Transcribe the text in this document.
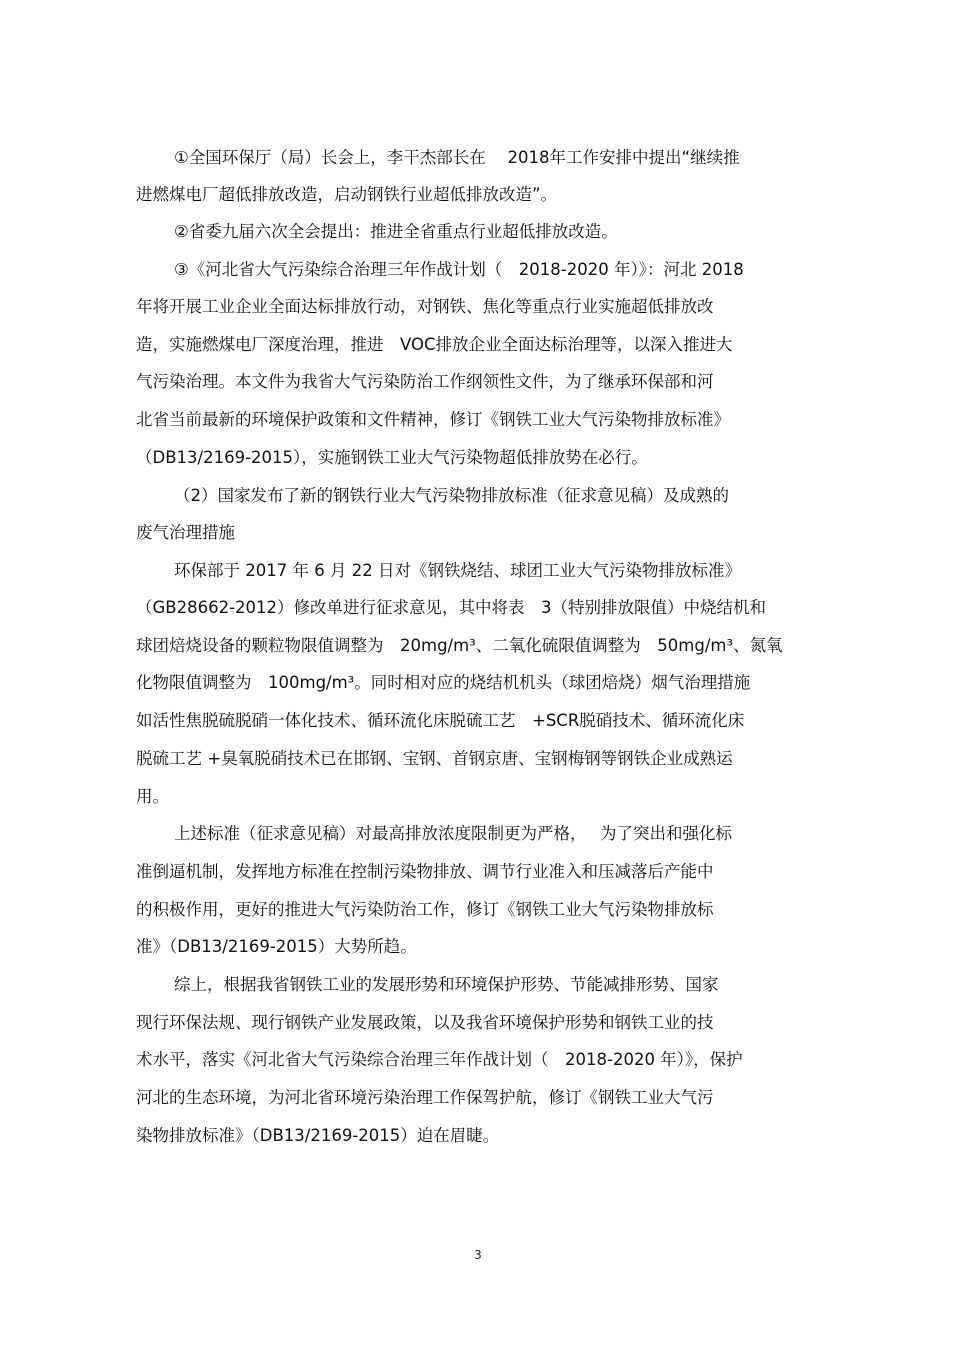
①全国环保厅（局）长会上，李干杰部长在　 2018年工作安排中提出“继续推
进燃煤电厂超低排放改造，启动钢铁行业超低排放改造”。
②省委九届六次全会提出：推进全省重点行业超低排放改造。
③《河北省大气污染综合治理三年作战计划（　2018-2020 年）》：河北 2018
年将开展工业企业全面达标排放行动，对钢铁、焦化等重点行业实施超低排放改
造，实施燃煤电厂深度治理，推进　VOC排放企业全面达标治理等，以深入推进大
气污染治理。本文件为我省大气污染防治工作纲领性文件，为了继承环保部和河
北省当前最新的环境保护政策和文件精神，修订《钢铁工业大气污染物排放标准》
（DB13/2169-2015），实施钢铁工业大气污染物超低排放势在必行。
（2）国家发布了新的钢铁行业大气污染物排放标准（征求意见稿）及成熟的
废气治理措施
环保部于 2017 年 6 月 22 日对《钢铁烧结、球团工业大气污染物排放标准》
（GB28662-2012）修改单进行征求意见，其中将表　3（特别排放限值）中烧结机和
球团焙烧设备的颗粒物限值调整为　20mg/m³、二氧化硫限值调整为　50mg/m³、氮氧
化物限值调整为　100mg/m³。同时相对应的烧结机机头（球团焙烧）烟气治理措施
如活性焦脱硫脱硝一体化技术、循环流化床脱硫工艺　+SCR脱硝技术、循环流化床
脱硫工艺 +臭氧脱硝技术已在邯钢、宝钢、首钢京唐、宝钢梅钢等钢铁企业成熟运
用。
上述标准（征求意见稿）对最高排放浓度限制更为严格，　 为了突出和强化标
准倒逼机制，发挥地方标准在控制污染物排放、调节行业准入和压减落后产能中
的积极作用，更好的推进大气污染防治工作，修订《钢铁工业大气污染物排放标
准》（DB13/2169-2015）大势所趋。
综上，根据我省钢铁工业的发展形势和环境保护形势、节能减排形势、国家
现行环保法规、现行钢铁产业发展政策，以及我省环境保护形势和钢铁工业的技
术水平，落实《河北省大气污染综合治理三年作战计划（　2018-2020 年）》，保护
河北的生态环境，为河北省环境污染治理工作保驾护航，修订《钢铁工业大气污
染物排放标准》（DB13/2169-2015）迫在眉睫。
3
